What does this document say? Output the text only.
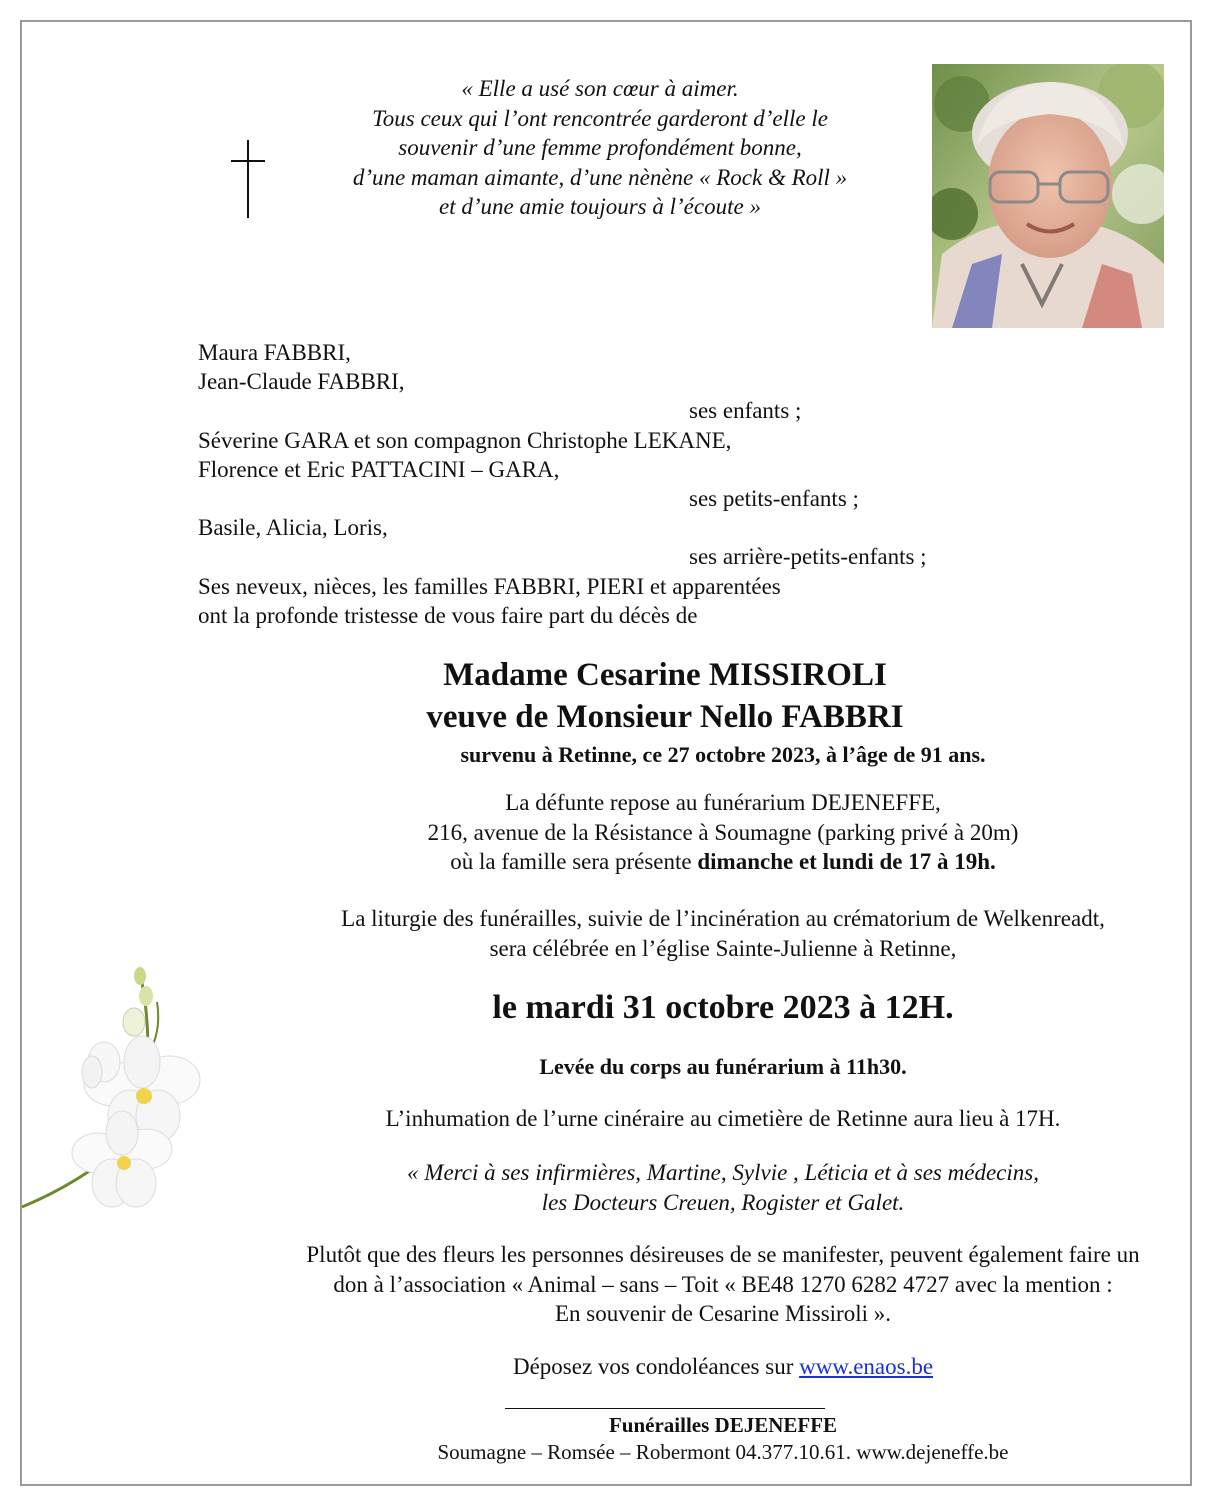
« Elle a usé son cœur à aimer.
Tous ceux qui l’ont rencontrée garderont d’elle le
souvenir d’une femme profondément bonne,
d’une maman aimante, d’une nènène « Rock & Roll »
et d’une amie toujours à l’écoute »
Maura FABBRI,
Jean-Claude FABBRI,
ses enfants ;
Séverine GARA et son compagnon Christophe LEKANE,
Florence et Eric PATTACINI – GARA,
ses petits-enfants ;
Basile, Alicia, Loris,
ses arrière-petits-enfants ;
Ses neveux, nièces, les familles FABBRI, PIERI et apparentées
ont la profonde tristesse de vous faire part du décès de
Madame Cesarine MISSIROLI
veuve de Monsieur Nello FABBRI
survenu à Retinne, ce 27 octobre 2023, à l’âge de 91 ans.
La défunte repose au funérarium DEJENEFFE,
216, avenue de la Résistance à Soumagne (parking privé à 20m)
où la famille sera présente dimanche et lundi de 17 à 19h.
La liturgie des funérailles, suivie de l’incinération au crématorium de Welkenreadt,
sera célébrée en l’église Sainte-Julienne à Retinne,
le mardi 31 octobre 2023 à 12H.
Levée du corps au funérarium à 11h30.
L’inhumation de l’urne cinéraire au cimetière de Retinne aura lieu à 17H.
« Merci à ses infirmières, Martine, Sylvie , Léticia et à ses médecins,
les Docteurs Creuen, Rogister et Galet.
Plutôt que des fleurs les personnes désireuses de se manifester, peuvent également faire un
don à l’association « Animal – sans – Toit « BE48 1270 6282 4727 avec la mention :
En souvenir de Cesarine Missiroli ».
Déposez vos condoléances sur www.enaos.be
Funérailles DEJENEFFE
Soumagne – Romsée – Robermont 04.377.10.61. www.dejeneffe.be
